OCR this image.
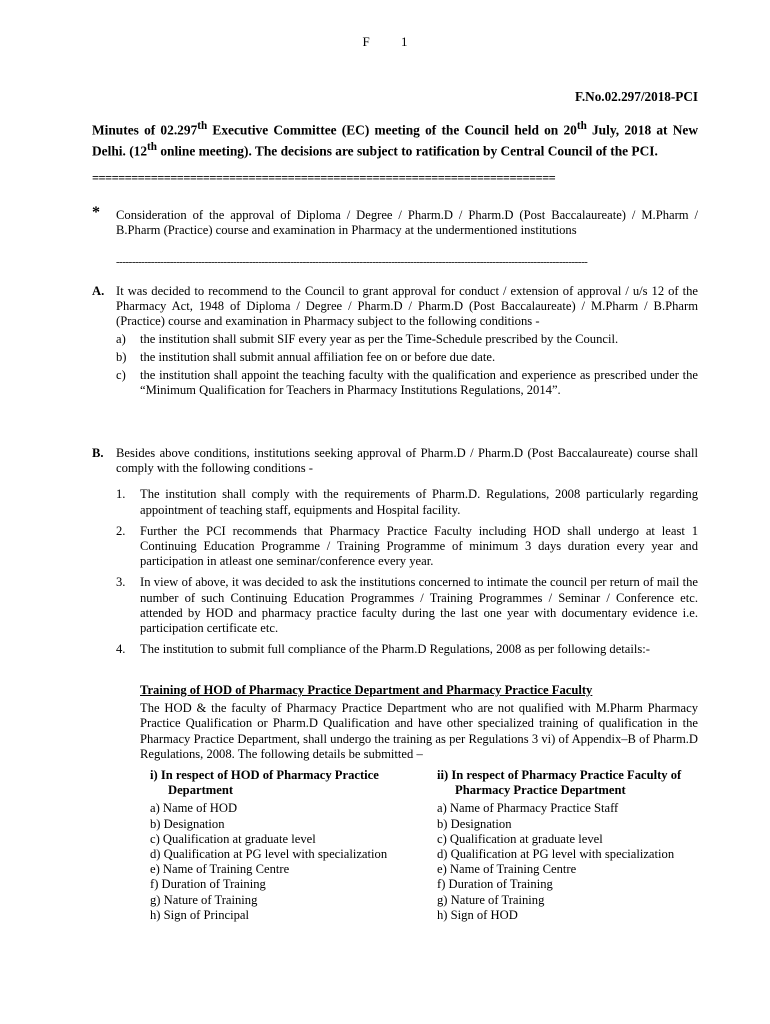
F 1
F.No.02.297/2018-PCI
Minutes of 02.297th Executive Committee (EC) meeting of the Council held on 20th July, 2018 at New Delhi. (12th online meeting). The decisions are subject to ratification by Central Council of the PCI.
=======================================================================
* Consideration of the approval of Diploma / Degree / Pharm.D / Pharm.D (Post Baccalaureate) / M.Pharm / B.Pharm (Practice) course and examination in Pharmacy at the undermentioned institutions
-----------------------------------------------------------------------------------------------------------------------------------------------------
A. It was decided to recommend to the Council to grant approval for conduct / extension of approval / u/s 12 of the Pharmacy Act, 1948 of Diploma / Degree / Pharm.D / Pharm.D (Post Baccalaureate) / M.Pharm / B.Pharm (Practice) course and examination in Pharmacy subject to the following conditions -
a) the institution shall submit SIF every year as per the Time-Schedule prescribed by the Council.
b) the institution shall submit annual affiliation fee on or before due date.
c) the institution shall appoint the teaching faculty with the qualification and experience as prescribed under the “Minimum Qualification for Teachers in Pharmacy Institutions Regulations, 2014”.
B. Besides above conditions, institutions seeking approval of Pharm.D / Pharm.D (Post Baccalaureate) course shall comply with the following conditions -
1. The institution shall comply with the requirements of Pharm.D. Regulations, 2008 particularly regarding appointment of teaching staff, equipments and Hospital facility.
2. Further the PCI recommends that Pharmacy Practice Faculty including HOD shall undergo at least 1 Continuing Education Programme / Training Programme of minimum 3 days duration every year and participation in atleast one seminar/conference every year.
3. In view of above, it was decided to ask the institutions concerned to intimate the council per return of mail the number of such Continuing Education Programmes / Training Programmes / Seminar / Conference etc. attended by HOD and pharmacy practice faculty during the last one year with documentary evidence i.e. participation certificate etc.
4. The institution to submit full compliance of the Pharm.D Regulations, 2008 as per following details:-
Training of HOD of Pharmacy Practice Department and Pharmacy Practice Faculty
The HOD & the faculty of Pharmacy Practice Department who are not qualified with M.Pharm Pharmacy Practice Qualification or Pharm.D Qualification and have other specialized training of qualification in the Pharmacy Practice Department, shall undergo the training as per Regulations 3 vi) of Appendix–B of Pharm.D Regulations, 2008. The following details be submitted –
i) In respect of HOD of Pharmacy Practice
Department
a) Name of HOD
b) Designation
c) Qualification at graduate level
d) Qualification at PG level with specialization
e) Name of Training Centre
f) Duration of Training
g) Nature of Training
h) Sign of Principal
ii) In respect of Pharmacy Practice Faculty of
Pharmacy Practice Department
a) Name of Pharmacy Practice Staff
b) Designation
c) Qualification at graduate level
d) Qualification at PG level with specialization
e) Name of Training Centre
f) Duration of Training
g) Nature of Training
h) Sign of HOD
